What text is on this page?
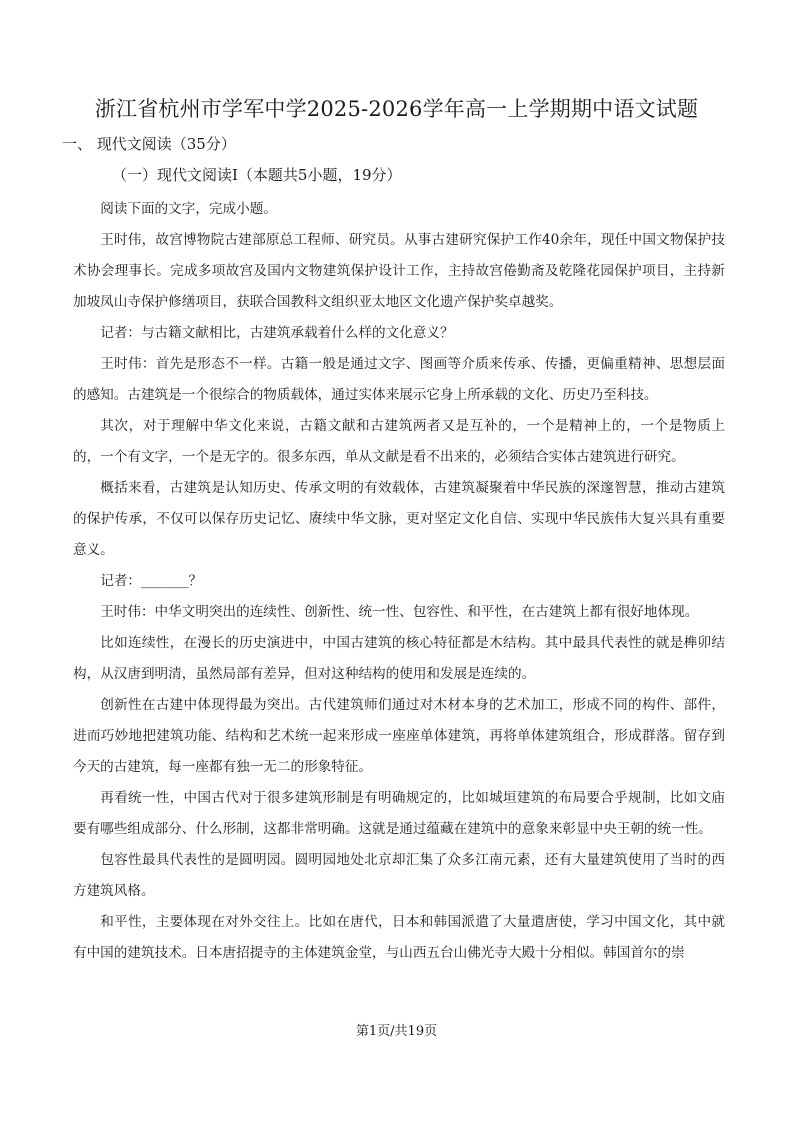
浙江省杭州市学军中学2025-2026学年高一上学期期中语文试题
一、 现代文阅读（35分）
（一）现代文阅读Ⅰ（本题共5小题，19分）

阅读下面的文字，完成小题。

王时伟，故宫博物院古建部原总工程师、研究员。从事古建研究保护工作40余年，现任中国文物保护技术协会理事长。完成多项故宫及国内文物建筑保护设计工作，主持故宫倦勤斋及乾隆花园保护项目，主持新加坡凤山寺保护修缮项目，获联合国教科文组织亚太地区文化遗产保护奖卓越奖。

记者：与古籍文献相比，古建筑承载着什么样的文化意义？

王时伟：首先是形态不一样。古籍一般是通过文字、图画等介质来传承、传播，更偏重精神、思想层面的感知。古建筑是一个很综合的物质载体，通过实体来展示它身上所承载的文化、历史乃至科技。

其次，对于理解中华文化来说，古籍文献和古建筑两者又是互补的，一个是精神上的，一个是物质上的，一个有文字，一个是无字的。很多东西，单从文献是看不出来的，必须结合实体古建筑进行研究。

概括来看，古建筑是认知历史、传承文明的有效载体，古建筑凝聚着中华民族的深邃智慧，推动古建筑的保护传承，不仅可以保存历史记忆、赓续中华文脉，更对坚定文化自信、实现中华民族伟大复兴具有重要意义。

记者：_______？

王时伟：中华文明突出的连续性、创新性、统一性、包容性、和平性，在古建筑上都有很好地体现。

比如连续性，在漫长的历史演进中，中国古建筑的核心特征都是木结构。其中最具代表性的就是榫卯结构，从汉唐到明清，虽然局部有差异，但对这种结构的使用和发展是连续的。

创新性在古建中体现得最为突出。古代建筑师们通过对木材本身的艺术加工，形成不同的构件、部件，进而巧妙地把建筑功能、结构和艺术统一起来形成一座座单体建筑，再将单体建筑组合，形成群落。留存到今天的古建筑，每一座都有独一无二的形象特征。

再看统一性，中国古代对于很多建筑形制是有明确规定的，比如城垣建筑的布局要合乎规制，比如文庙要有哪些组成部分、什么形制，这都非常明确。这就是通过蕴藏在建筑中的意象来彰显中央王朝的统一性。

包容性最具代表性的是圆明园。圆明园地处北京却汇集了众多江南元素，还有大量建筑使用了当时的西方建筑风格。

和平性，主要体现在对外交往上。比如在唐代，日本和韩国派遣了大量遣唐使，学习中国文化，其中就有中国的建筑技术。日本唐招提寺的主体建筑金堂，与山西五台山佛光寺大殿十分相似。韩国首尔的崇

第1页/共19页
